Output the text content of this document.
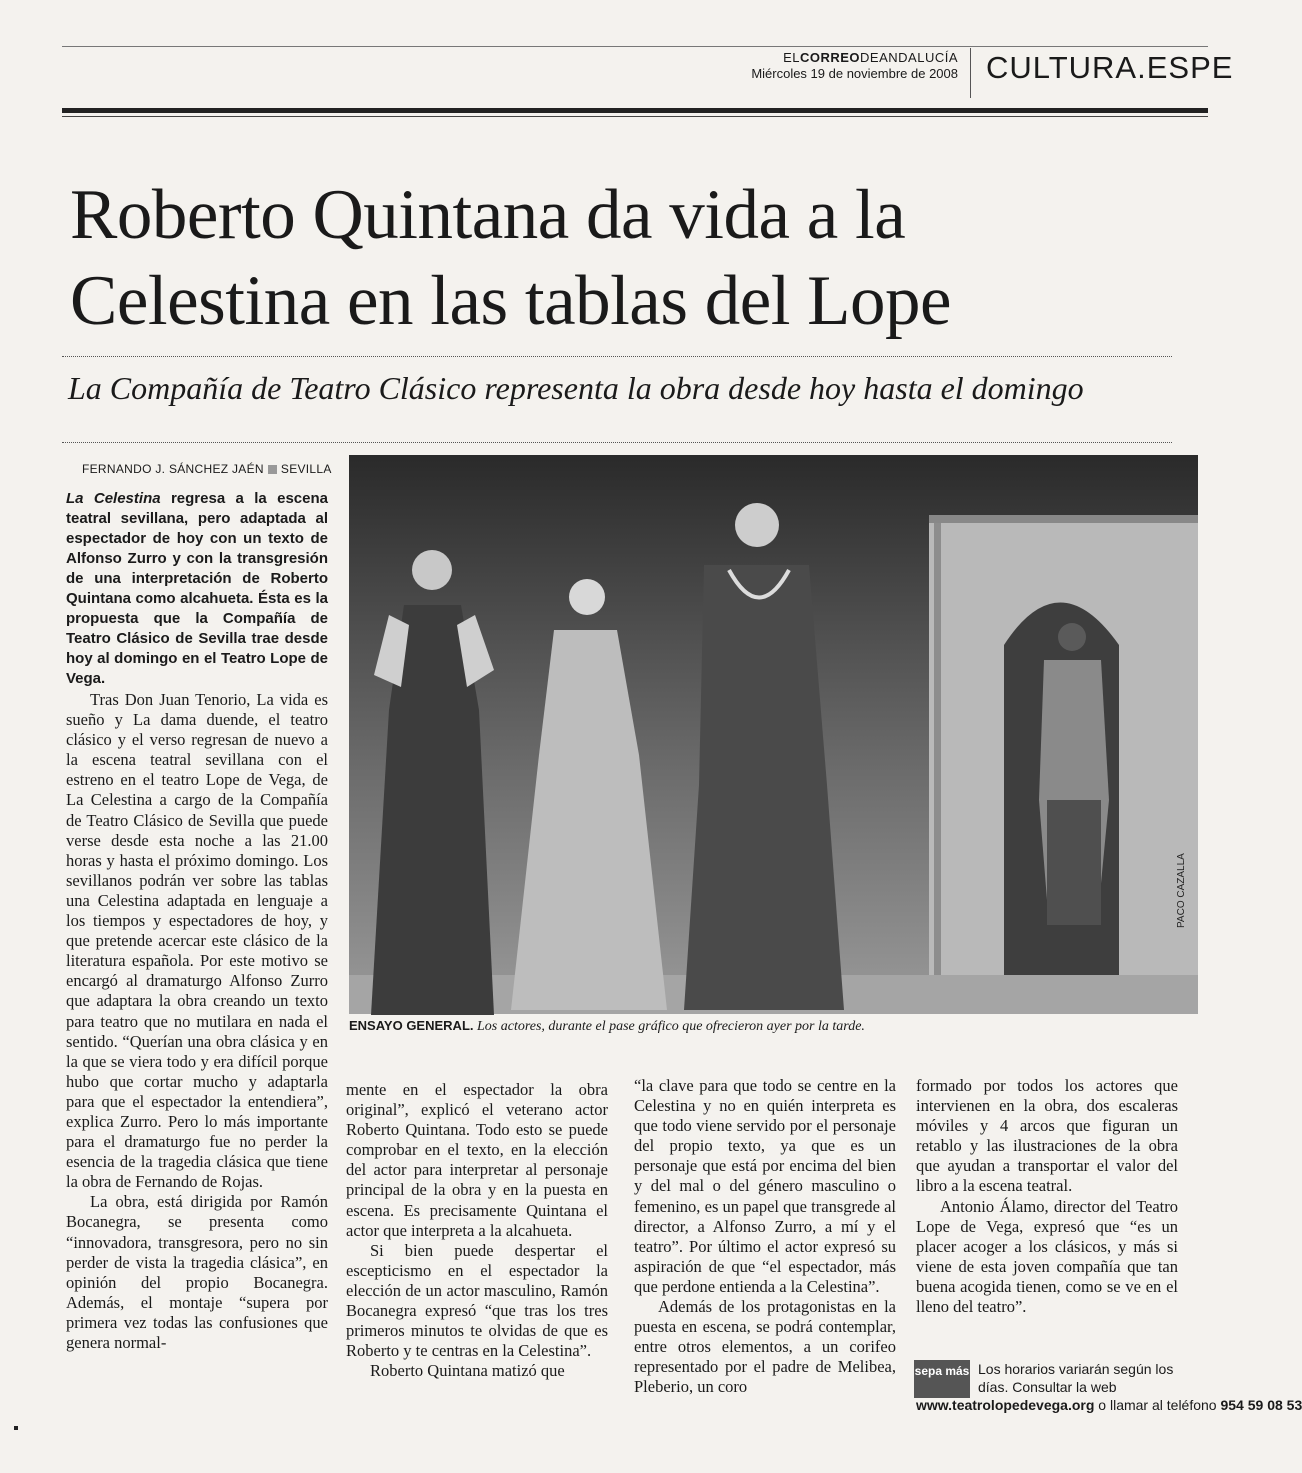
ELCORREODEANDALUCÍA
Miércoles 19 de noviembre de 2008 CULTURA.ESPE
Roberto Quintana da vida a la Celestina en las tablas del Lope
La Compañía de Teatro Clásico representa la obra desde hoy hasta el domingo
FERNANDO J. SÁNCHEZ JAÉN SEVILLA
La Celestina regresa a la escena teatral sevillana, pero adaptada al espectador de hoy con un texto de Alfonso Zurro y con la transgresión de una interpretación de Roberto Quintana como alcahueta. Ésta es la propuesta que la Compañía de Teatro Clásico de Sevilla trae desde hoy al domingo en el Teatro Lope de Vega.

Tras Don Juan Tenorio, La vida es sueño y La dama duende, el teatro clásico y el verso regresan de nuevo a la escena teatral sevillana con el estreno en el teatro Lope de Vega, de La Celestina a cargo de la Compañía de Teatro Clásico de Sevilla que puede verse desde esta noche a las 21.00 horas y hasta el próximo domingo. Los sevillanos podrán ver sobre las tablas una Celestina adaptada en lenguaje a los tiempos y espectadores de hoy, y que pretende acercar este clásico de la literatura española. Por este motivo se encargó al dramaturgo Alfonso Zurro que adaptara la obra creando un texto para teatro que no mutilara en nada el sentido. “Querían una obra clásica y en la que se viera todo y era difícil porque hubo que cortar mucho y adaptarla para que el espectador la entendiera”, explica Zurro. Pero lo más importante para el dramaturgo fue no perder la esencia de la tragedia clásica que tiene la obra de Fernando de Rojas.

La obra, está dirigida por Ramón Bocanegra, se presenta como “innovadora, transgresora, pero no sin perder de vista la tragedia clásica”, en opinión del propio Bocanegra. Además, el montaje “supera por primera vez todas las confusiones que genera normal-

mente en el espectador la obra original”, explicó el veterano actor Roberto Quintana. Todo esto se puede comprobar en el texto, en la elección del actor para interpretar al personaje principal de la obra y en la puesta en escena. Es precisamente Quintana el actor que interpreta a la alcahueta.

Si bien puede despertar el escepticismo en el espectador la elección de un actor masculino, Ramón Bocanegra expresó “que tras los tres primeros minutos te olvidas de que es Roberto y te centras en la Celestina”.

Roberto Quintana matizó que

“la clave para que todo se centre en la Celestina y no en quién interpreta es que todo viene servido por el personaje del propio texto, ya que es un personaje que está por encima del bien y del mal o del género masculino o femenino, es un papel que transgrede al director, a Alfonso Zurro, a mí y el teatro”. Por último el actor expresó su aspiración de que “el espectador, más que perdone entienda a la Celestina”.

Además de los protagonistas en la puesta en escena, se podrá contemplar, entre otros elementos, a un corifeo representado por el padre de Melibea, Pleberio, un coro

formado por todos los actores que intervienen en la obra, dos escaleras móviles y 4 arcos que figuran un retablo y las ilustraciones de la obra que ayudan a transportar el valor del libro a la escena teatral.

Antonio Álamo, director del Teatro Lope de Vega, expresó que “es un placer acoger a los clásicos, y más si viene de esta joven compañía que tan buena acogida tienen, como se ve en el lleno del teatro”.

PACO CAZALLA
ENSAYO GENERAL. Los actores, durante el pase gráfico que ofrecieron ayer por la tarde.
sepa más Los horarios variarán según los días. Consultar la web
www.teatrolopedevega.org o llamar al teléfono 954 59 08 53
